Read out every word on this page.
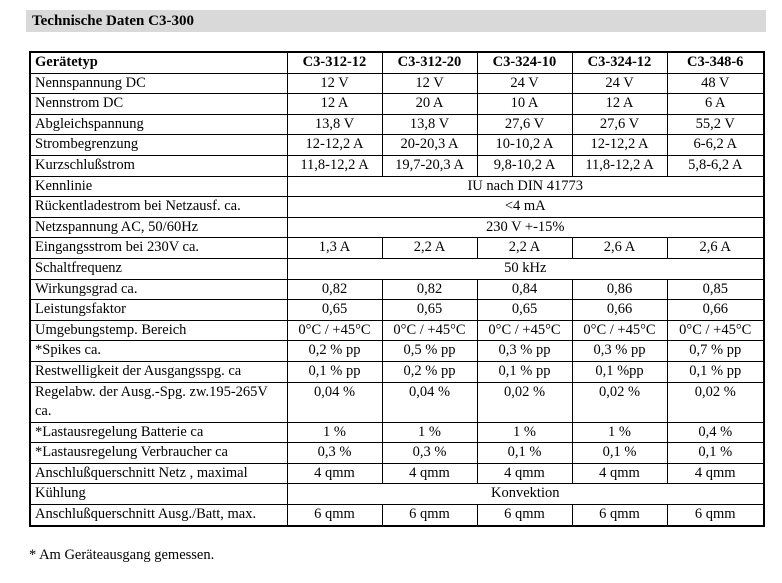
Technische Daten C3-300
Gerätetyp	C3-312-12	C3-312-20	C3-324-10	C3-324-12	C3-348-6
Nennspannung DC	12 V	12 V	24 V	24 V	48 V
Nennstrom DC	12 A	20 A	10 A	12 A	6 A
Abgleichspannung	13,8 V	13,8 V	27,6 V	27,6 V	55,2 V
Strombegrenzung	12-12,2 A	20-20,3 A	10-10,2 A	12-12,2 A	6-6,2 A
Kurzschlußstrom	11,8-12,2 A	19,7-20,3 A	9,8-10,2 A	11,8-12,2 A	5,8-6,2 A
Kennlinie	IU nach DIN 41773				
Rückentladestrom bei Netzausf. ca.	<4 mA				
Netzspannung AC, 50/60Hz	230 V +-15%				
Eingangsstrom bei 230V ca.	1,3 A	2,2 A	2,2 A	2,6 A	2,6 A
Schaltfrequenz	50 kHz				
Wirkungsgrad ca.	0,82	0,82	0,84	0,86	0,85
Leistungsfaktor	0,65	0,65	0,65	0,66	0,66
Umgebungstemp. Bereich	0°C / +45°C	0°C / +45°C	0°C / +45°C	0°C / +45°C	0°C / +45°C
*Spikes ca.	0,2 % pp	0,5 % pp	0,3 % pp	0,3 % pp	0,7 % pp
Restwelligkeit der Ausgangsspg. ca	0,1 % pp	0,2 % pp	0,1 % pp	0,1 %pp	0,1 % pp
Regelabw. der Ausg.-Spg. zw.195-265V ca.	0,04 %	0,04 %	0,02 %	0,02 %	0,02 %
*Lastausregelung Batterie ca	1 %	1 %	1 %	1 %	0,4 %
*Lastausregelung Verbraucher ca	0,3 %	0,3 %	0,1 %	0,1 %	0,1 %
Anschlußquerschnitt Netz , maximal	4 qmm	4 qmm	4 qmm	4 qmm	4 qmm
Kühlung	Konvektion				
Anschlußquerschnitt Ausg./Batt, max.	6 qmm	6 qmm	6 qmm	6 qmm	6 qmm
* Am Geräteausgang gemessen.
